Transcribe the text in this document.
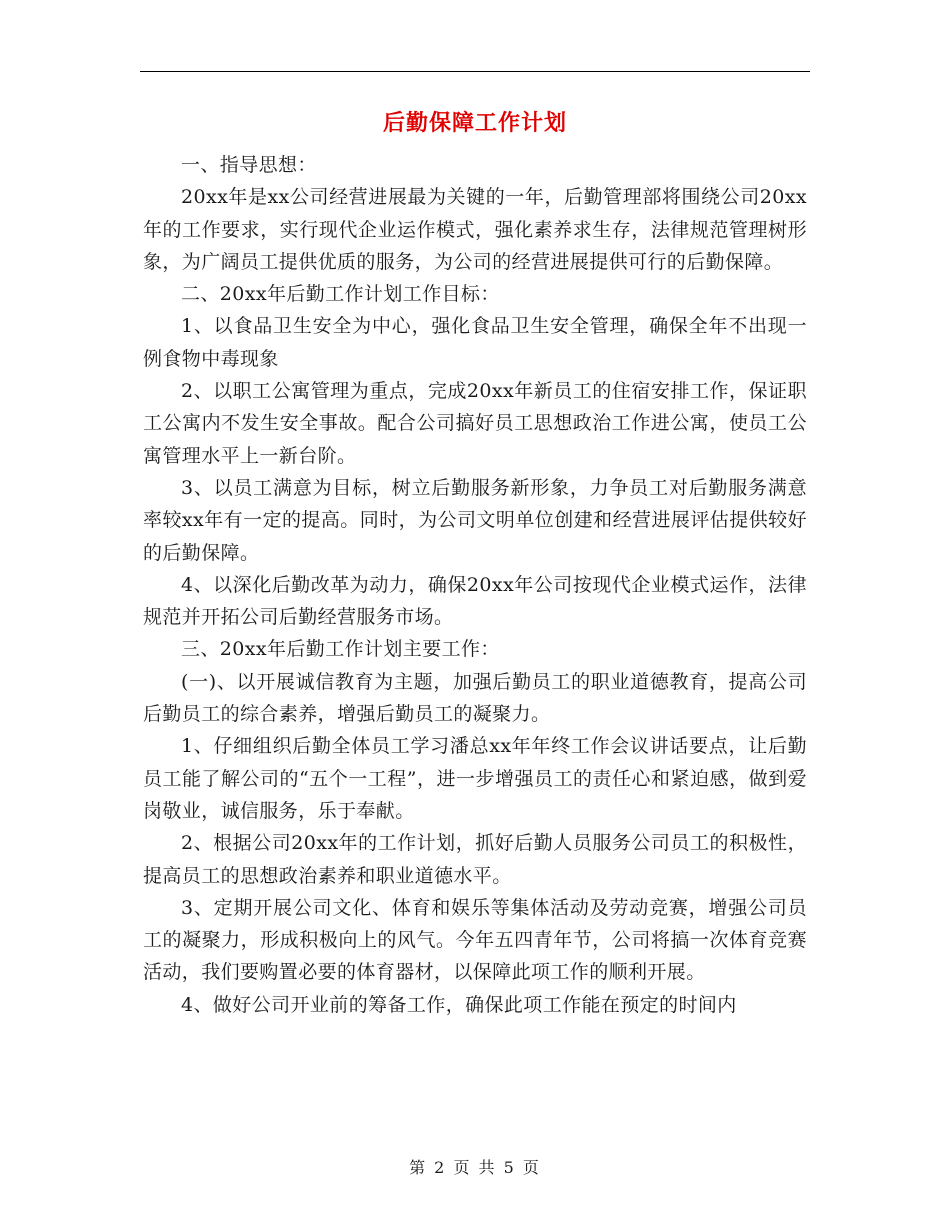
后勤保障工作计划

一、指导思想：

20xx年是xx公司经营进展最为关键的一年，后勤管理部将围绕公司20xx年的工作要求，实行现代企业运作模式，强化素养求生存，法律规范管理树形象，为广阔员工提供优质的服务，为公司的经营进展提供可行的后勤保障。

二、20xx年后勤工作计划工作目标：

1、以食品卫生安全为中心，强化食品卫生安全管理，确保全年不出现一例食物中毒现象

2、以职工公寓管理为重点，完成20xx年新员工的住宿安排工作，保证职工公寓内不发生安全事故。配合公司搞好员工思想政治工作进公寓，使员工公寓管理水平上一新台阶。

3、以员工满意为目标，树立后勤服务新形象，力争员工对后勤服务满意率较xx年有一定的提高。同时，为公司文明单位创建和经营进展评估提供较好的后勤保障。

4、以深化后勤改革为动力，确保20xx年公司按现代企业模式运作，法律规范并开拓公司后勤经营服务市场。

三、20xx年后勤工作计划主要工作：

(一)、以开展诚信教育为主题，加强后勤员工的职业道德教育，提高公司后勤员工的综合素养，增强后勤员工的凝聚力。

1、仔细组织后勤全体员工学习潘总xx年年终工作会议讲话要点，让后勤员工能了解公司的“五个一工程”，进一步增强员工的责任心和紧迫感，做到爱岗敬业，诚信服务，乐于奉献。

2、根据公司20xx年的工作计划，抓好后勤人员服务公司员工的积极性，提高员工的思想政治素养和职业道德水平。

3、定期开展公司文化、体育和娱乐等集体活动及劳动竞赛，增强公司员工的凝聚力，形成积极向上的风气。今年五四青年节，公司将搞一次体育竞赛活动，我们要购置必要的体育器材，以保障此项工作的顺利开展。

4、做好公司开业前的筹备工作，确保此项工作能在预定的时间内

第 2 页 共 5 页
